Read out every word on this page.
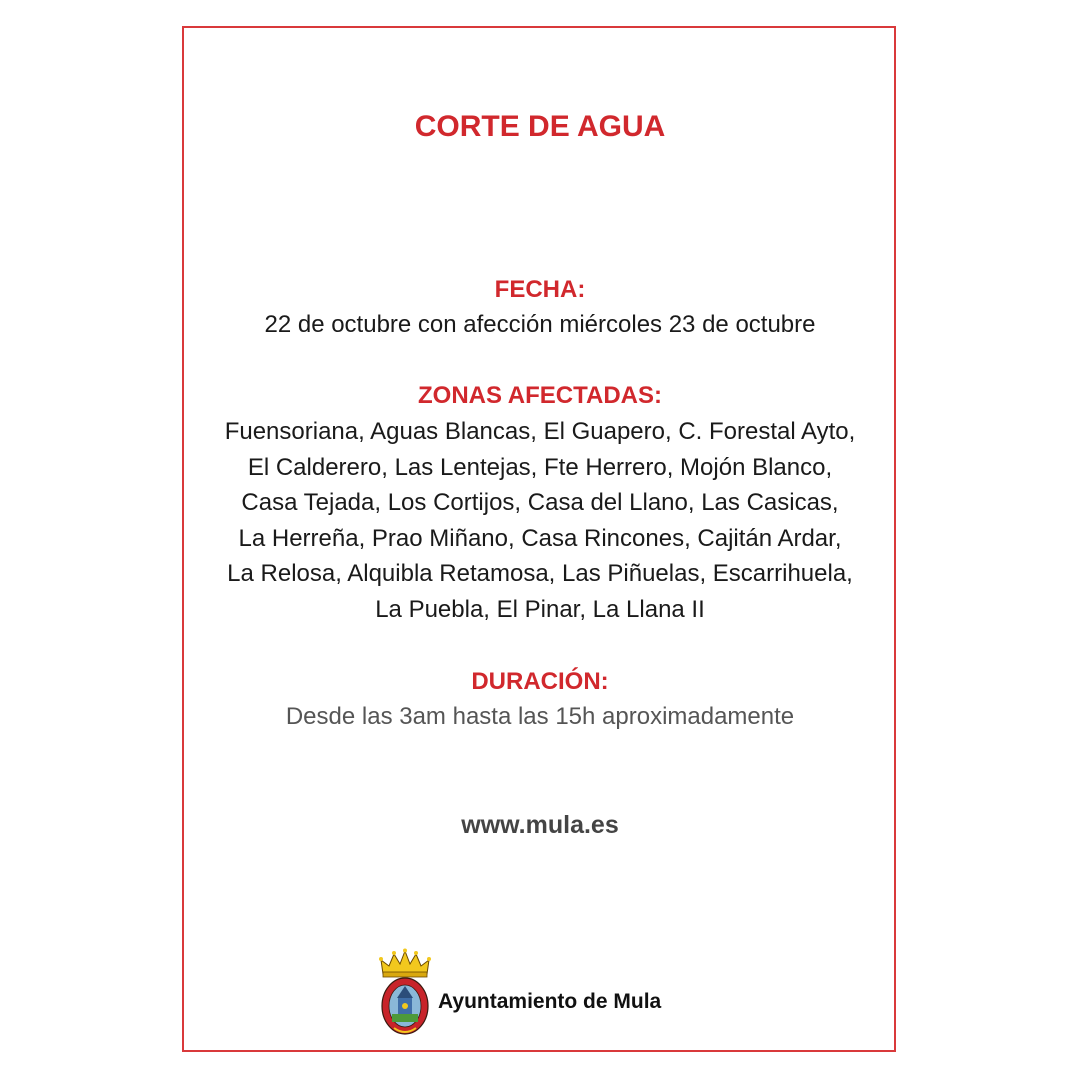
CORTE DE AGUA
FECHA:
22 de octubre con afección miércoles 23 de octubre
ZONAS AFECTADAS:
Fuensoriana, Aguas Blancas, El Guapero, C. Forestal Ayto,
El Calderero, Las Lentejas, Fte Herrero, Mojón Blanco,
Casa Tejada, Los Cortijos, Casa del Llano, Las Casicas,
La Herreña, Prao Miñano, Casa Rincones, Cajitán Ardar,
La Relosa, Alquibla Retamosa, Las Piñuelas, Escarrihuela,
La Puebla, El Pinar, La Llana II
DURACIÓN:
Desde las 3am hasta las 15h aproximadamente
www.mula.es
Ayuntamiento de Mula
